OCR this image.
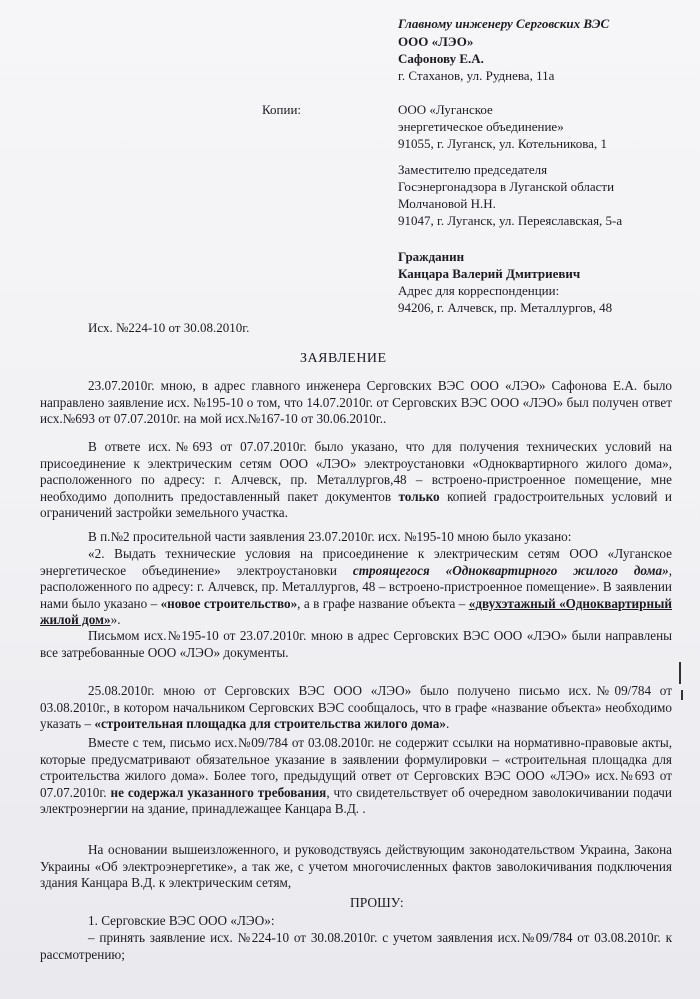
Главному инженеру Серговских ВЭС
ООО «ЛЭО»
Сафонову Е.А.
г. Стаханов, ул. Руднева, 11а
Копии:	ООО «Луганское
энергетическое объединение»
91055, г. Луганск, ул. Котельникова, 1
Заместителю председателя
Госэнергонадзора в Луганской области
Молчановой Н.Н.
91047, г. Луганск, ул. Переяславская, 5-а
Гражданин
Канцара Валерий Дмитриевич
Адрес для корреспонденции:
94206, г. Алчевск, пр. Металлургов, 48
Исх. №224-10 от 30.08.2010г.
ЗАЯВЛЕНИЕ
23.07.2010г. мною, в адрес главного инженера Серговских ВЭС ООО «ЛЭО» Сафонова Е.А. было направлено заявление исх. №195-10 о том, что 14.07.2010г. от Серговских ВЭС ООО «ЛЭО» был получен ответ исх.№693 от 07.07.2010г. на мой исх.№167-10 от 30.06.2010г..
В ответе исх.№693 от 07.07.2010г. было указано, что для получения технических условий на присоединение к электрическим сетям ООО «ЛЭО» электроустановки «Одноквартирного жилого дома», расположенного по адресу: г. Алчевск, пр. Металлургов,48 – встроено-пристроенное помещение, мне необходимо дополнить предоставленный пакет документов только копией градостроительных условий и ограничений застройки земельного участка.
В п.№2 просительной части заявления 23.07.2010г. исх. №195-10 мною было указано:
«2. Выдать технические условия на присоединение к электрическим сетям ООО «Луганское энергетическое объединение» электроустановки строящегося «Одноквартирного жилого дома», расположенного по адресу: г. Алчевск, пр. Металлургов, 48 – встроено-пристроенное помещение». В заявлении нами было указано – «новое строительство», а в графе название объекта – «двухэтажный «Одноквартирный жилой дом»».
Письмом исх.№195-10 от 23.07.2010г. мною в адрес Серговских ВЭС ООО «ЛЭО» были направлены все затребованные ООО «ЛЭО» документы.
25.08.2010г. мною от Серговских ВЭС ООО «ЛЭО» было получено письмо исх.№09/784 от 03.08.2010г., в котором начальником Серговских ВЭС сообщалось, что в графе «название объекта» необходимо указать – «строительная площадка для строительства жилого дома».
Вместе с тем, письмо исх.№09/784 от 03.08.2010г. не содержит ссылки на нормативно-правовые акты, которые предусматривают обязательное указание в заявлении формулировки – «строительная площадка для строительства жилого дома». Более того, предыдущий ответ от Серговских ВЭС ООО «ЛЭО» исх.№693 от 07.07.2010г. не содержал указанного требования, что свидетельствует об очередном заволокичивании подачи электроэнергии на здание, принадлежащее Канцара В.Д. .
На основании вышеизложенного, и руководствуясь действующим законодательством Украина, Закона Украины «Об электроэнергетике», а так же, с учетом многочисленных фактов заволокичивания подключения здания Канцара В.Д. к электрическим сетям,
ПРОШУ:
1. Серговские ВЭС ООО «ЛЭО»:
– принять заявление исх. №224-10 от 30.08.2010г. с учетом заявления исх.№09/784 от 03.08.2010г. к рассмотрению;
